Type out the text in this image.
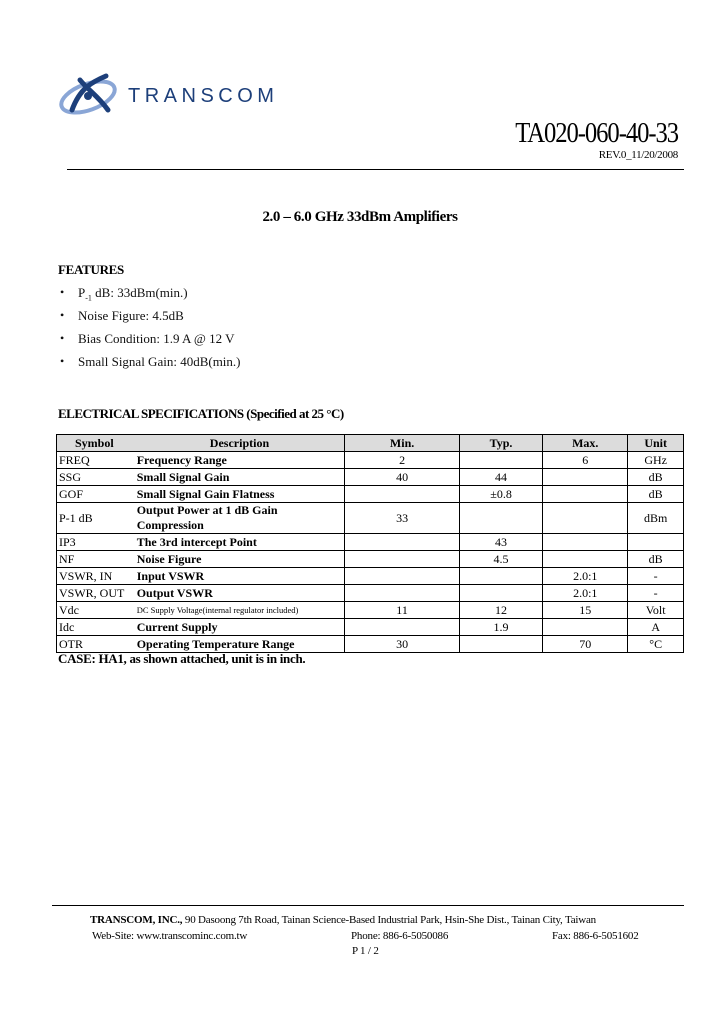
TRANSCOM
TA020-060-40-33
REV.0_11/20/2008
2.0 – 6.0 GHz 33dBm Amplifiers
FEATURES
• $P_{-1}$ dB: 33dBm(min.)
• Noise Figure: 4.5dB
• Bias Condition: 1.9 A @ 12 V
• Small Signal Gain: 40dB(min.)
ELECTRICAL SPECIFICATIONS (Specified at 25 °C)
Symbol	Description	Min.	Typ.	Max.	Unit
FREQ	Frequency Range	2		6	GHz
SSG	Small Signal Gain	40	44		dB
GOF	Small Signal Gain Flatness		±0.8		dB
P-1 dB	Output Power at 1 dB Gain Compression	33			dBm
IP3	The 3rd intercept Point		43		
NF	Noise Figure		4.5		dB
VSWR, IN	Input VSWR			2.0:1	-
VSWR, OUT	Output VSWR			2.0:1	-
Vdc	DC Supply Voltage(internal regulator included)	11	12	15	Volt
Idc	Current Supply		1.9		A
OTR	Operating Temperature Range	30		70	°C
CASE: HA1, as shown attached, unit is in inch.
TRANSCOM, INC., 90 Dasoong 7th Road, Tainan Science-Based Industrial Park, Hsin-She Dist., Tainan City, Taiwan
Web-Site: www.transcominc.com.tw	Phone: 886-6-5050086	Fax: 886-6-5051602
P 1 / 2
